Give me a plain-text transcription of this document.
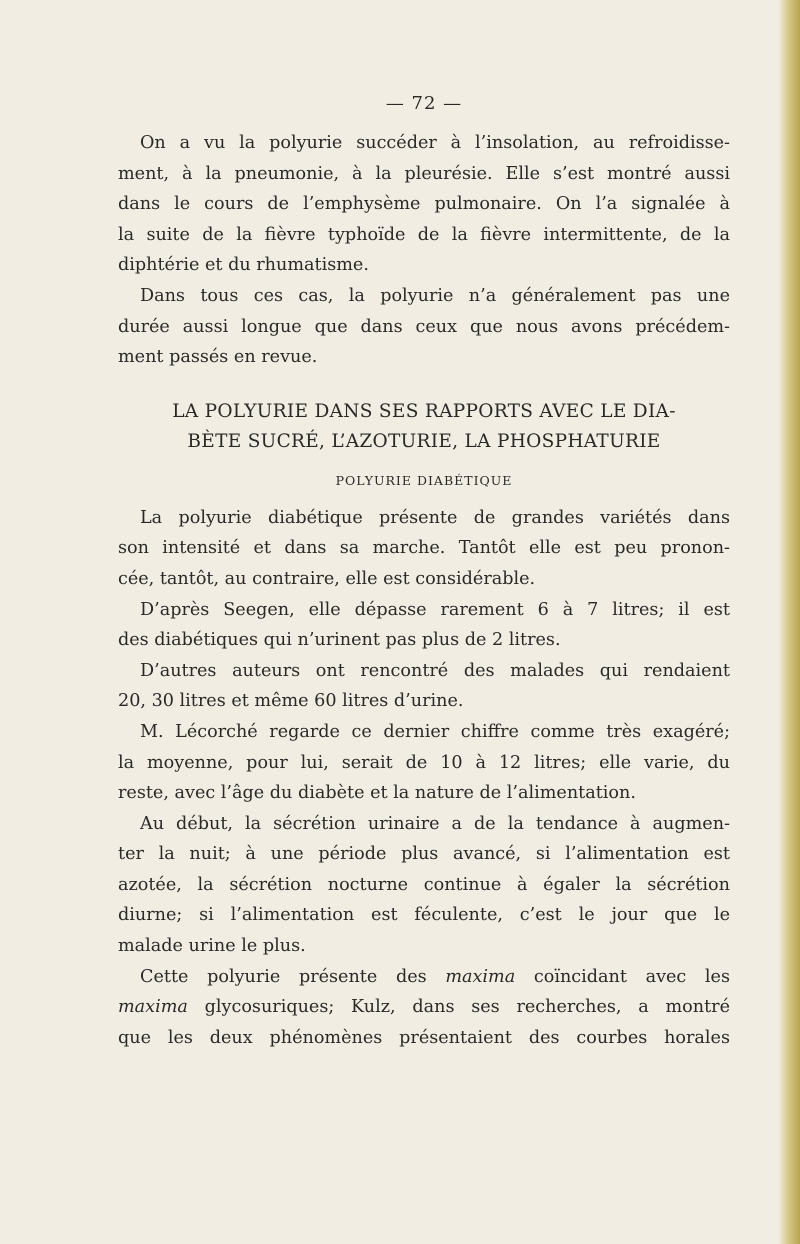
— 72 —

On a vu la polyurie succéder à l’insolation, au refroidisse-
ment, à la pneumonie, à la pleurésie. Elle s’est montré aussi
dans le cours de l’emphysème pulmonaire. On l’a signalée à
la suite de la fièvre typhoïde de la fièvre intermittente, de la
diphtérie et du rhumatisme.

Dans tous ces cas, la polyurie n’a généralement pas une
durée aussi longue que dans ceux que nous avons précédem-
ment passés en revue.

LA POLYURIE DANS SES RAPPORTS AVEC LE DIA-
BÈTE SUCRÉ, L’AZOTURIE, LA PHOSPHATURIE
POLYURIE DIABÉTIQUE

La polyurie diabétique présente de grandes variétés dans
son intensité et dans sa marche. Tantôt elle est peu pronon-
cée, tantôt, au contraire, elle est considérable.

D’après Seegen, elle dépasse rarement 6 à 7 litres; il est
des diabétiques qui n’urinent pas plus de 2 litres.

D’autres auteurs ont rencontré des malades qui rendaient
20, 30 litres et même 60 litres d’urine.

M. Lécorché regarde ce dernier chiffre comme très exagéré;
la moyenne, pour lui, serait de 10 à 12 litres; elle varie, du
reste, avec l’âge du diabète et la nature de l’alimentation.

Au début, la sécrétion urinaire a de la tendance à augmen-
ter la nuit; à une période plus avancé, si l’alimentation est
azotée, la sécrétion nocturne continue à égaler la sécrétion
diurne; si l’alimentation est féculente, c’est le jour que le
malade urine le plus.

Cette polyurie présente des maxima coïncidant avec les
maxima glycosuriques; Kulz, dans ses recherches, a montré
que les deux phénomènes présentaient des courbes horales
